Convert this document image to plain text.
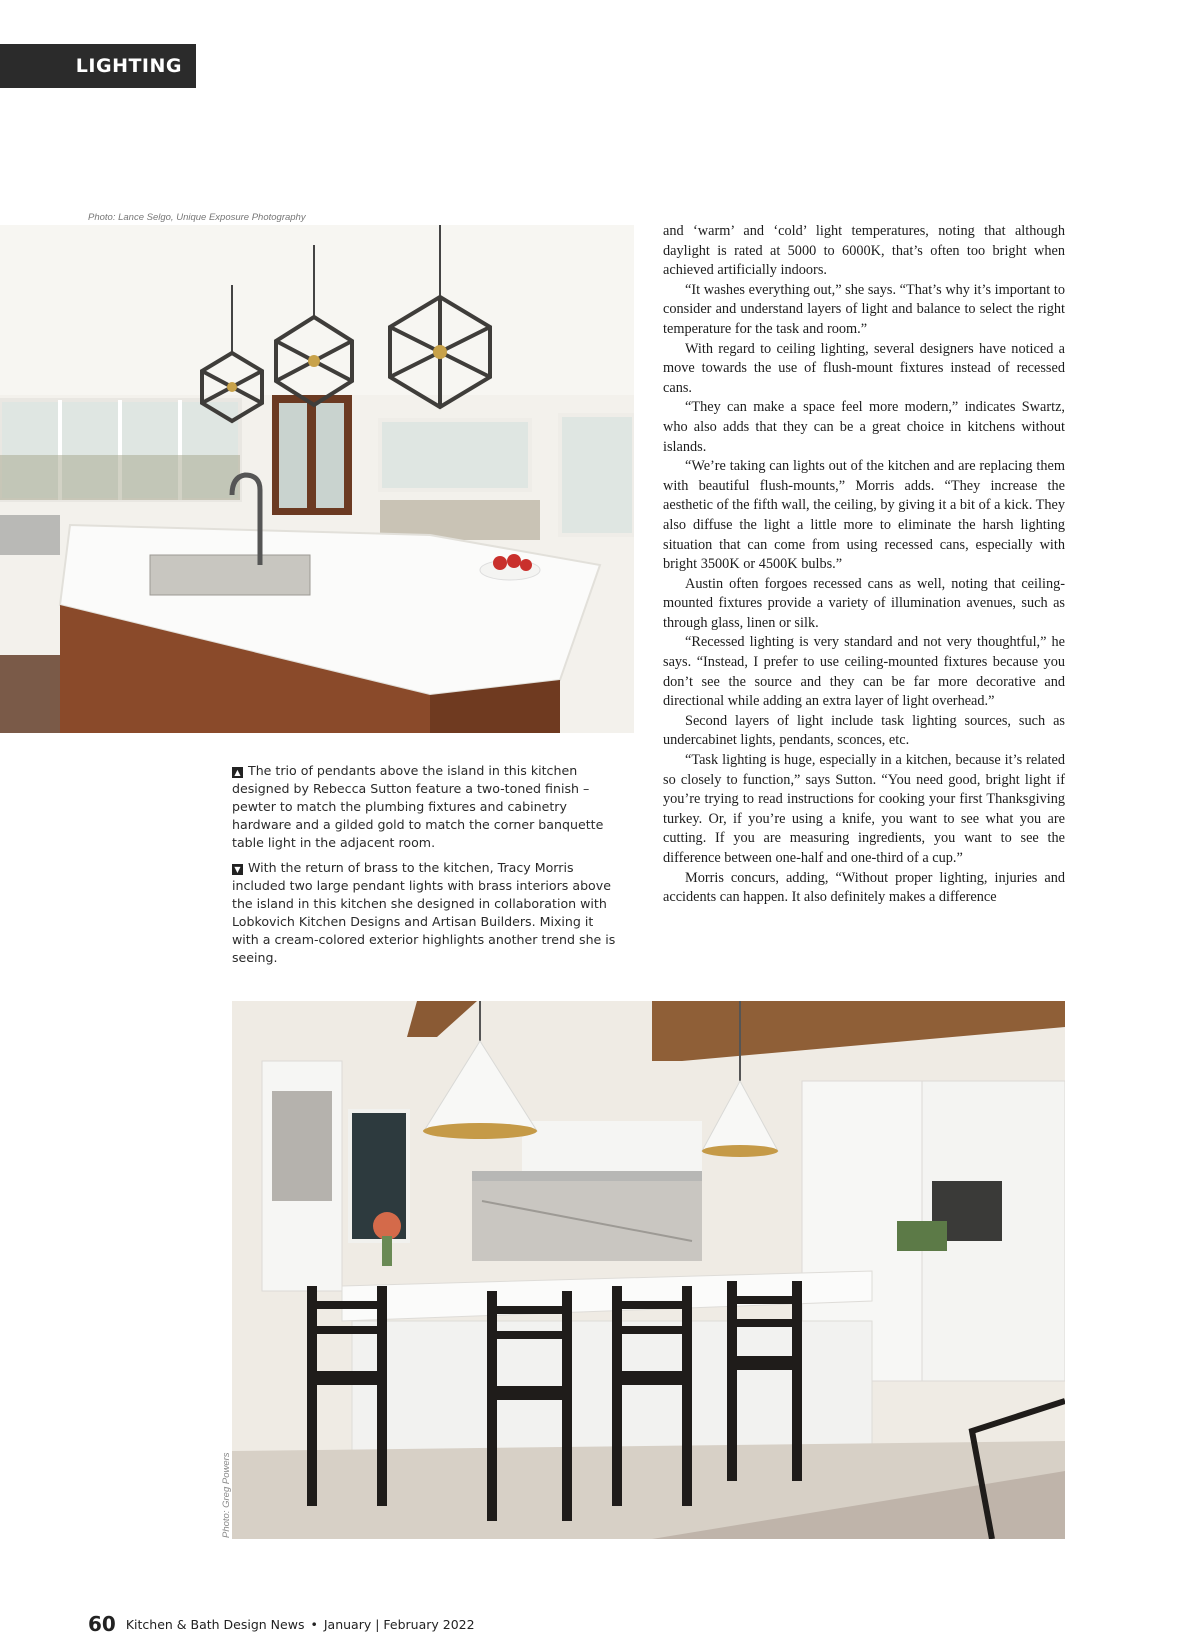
LIGHTING
Photo: Lance Selgo, Unique Exposure Photography

▲ The trio of pendants above the island in this kitchen designed by Rebecca Sutton feature a two-toned finish – pewter to match the plumbing fixtures and cabinetry hardware and a gilded gold to match the corner banquette table light in the adjacent room.

▼ With the return of brass to the kitchen, Tracy Morris included two large pendant lights with brass interiors above the island in this kitchen she designed in collaboration with Lobkovich Kitchen Designs and Artisan Builders. Mixing it with a cream-colored exterior highlights another trend she is seeing.

and ‘warm’ and ‘cold’ light temperatures, noting that although daylight is rated at 5000 to 6000K, that’s often too bright when achieved artificially indoors.

“It washes everything out,” she says. “That’s why it’s important to consider and understand layers of light and balance to select the right temperature for the task and room.”

With regard to ceiling lighting, several designers have noticed a move towards the use of flush-mount fixtures instead of recessed cans.

“They can make a space feel more modern,” indicates Swartz, who also adds that they can be a great choice in kitchens without islands.

“We’re taking can lights out of the kitchen and are replacing them with beautiful flush-mounts,” Morris adds. “They increase the aesthetic of the fifth wall, the ceiling, by giving it a bit of a kick. They also diffuse the light a little more to eliminate the harsh lighting situation that can come from using recessed cans, especially with bright 3500K or 4500K bulbs.”

Austin often forgoes recessed cans as well, noting that ceiling-mounted fixtures provide a variety of illumination avenues, such as through glass, linen or silk.

“Recessed lighting is very standard and not very thoughtful,” he says. “Instead, I prefer to use ceiling-mounted fixtures because you don’t see the source and they can be far more decorative and directional while adding an extra layer of light overhead.”

Second layers of light include task lighting sources, such as undercabinet lights, pendants, sconces, etc.

“Task lighting is huge, especially in a kitchen, because it’s related so closely to function,” says Sutton. “You need good, bright light if you’re trying to read instructions for cooking your first Thanksgiving turkey. Or, if you’re using a knife, you want to see what you are cutting. If you are measuring ingredients, you want to see the difference between one-half and one-third of a cup.”

Morris concurs, adding, “Without proper lighting, injuries and accidents can happen. It also definitely makes a difference

Photo: Greg Powers
60 Kitchen & Bath Design News • January | February 2022
